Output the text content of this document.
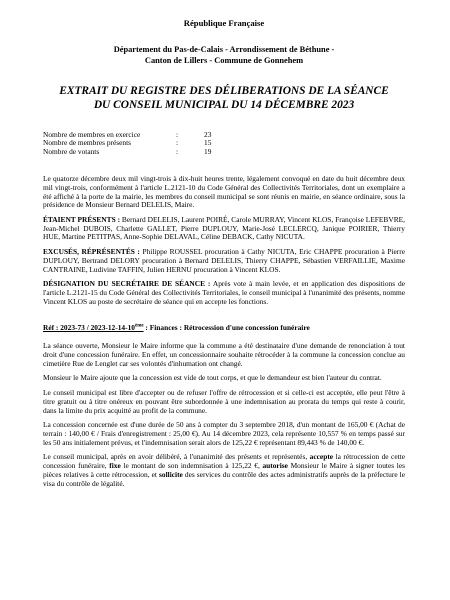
République Française
Département du Pas-de-Calais - Arrondissement de Béthune -
Canton de Lillers - Commune de Gonnehem
EXTRAIT DU REGISTRE DES DÉLIBERATIONS DE LA SÉANCE
DU CONSEIL MUNICIPAL DU 14 DÉCEMBRE 2023
Nombre de membres en exercice	:	23
Nombre de membres présents	:	15
Nombre de votants	:	19

Le quatorze décembre deux mil vingt-trois à dix-huit heures trente, légalement convoqué en date du huit décembre deux mil vingt-trois, conformément à l'article L.2121-10 du Code Général des Collectivités Territoriales, dont un exemplaire a été affiché à la porte de la mairie, les membres du conseil municipal se sont réunis en mairie, en séance ordinaire, sous la présidence de Monsieur Bernard DELELIS, Maire.

ÉTAIENT PRÉSENTS : Bernard DELELIS, Laurent POIRÉ, Carole MURRAY, Vincent KLOS, Françoise LEFEBVRE, Jean-Michel DUBOIS, Charlette GALLET, Pierre DUPLOUY, Marie-José LECLERCQ, Janique POIRIER, Thierry HUE, Martine PETITPAS, Anne-Sophie DELAVAL, Céline DEBACK, Cathy NICUTA.

EXCUSÉS, RÉPRÉSENTÉS : Philippe ROUSSEL procuration à Cathy NICUTA, Eric CHAPPE procuration à Pierre DUPLOUY, Bertrand DELORY procuration à Bernard DELELIS, Thierry CHAPPE, Sébastien VERFAILLIE, Maxime CANTRAINE, Ludivine TAFFIN, Julien HERNU procuration à Vincent KLOS.

DÉSIGNATION DU SECRÉTAIRE DE SÉANCE : Après vote à main levée, et en application des dispositions de l'article L.2121-15 du Code Général des Collectivités Territoriales, le conseil municipal à l'unanimité des présents, nomme Vincent KLOS au poste de secrétaire de séance qui en accepte les fonctions.

Réf : 2023-73 / 2023-12-14-10ème : Finances : Rétrocession d'une concession funéraire

La séance ouverte, Monsieur le Maire informe que la commune a été destinataire d'une demande de renonciation à tout droit d'une concession funéraire. En effet, un concessionnaire souhaite rétrocéder à la commune la concession conclue au cimetière Rue de Lenglet car ses volontés d'inhumation ont changé.

Monsieur le Maire ajoute que la concession est vide de tout corps, et que le demandeur est bien l'auteur du contrat.

Le conseil municipal est libre d'accepter ou de refuser l'offre de rétrocession et si celle-ci est acceptée, elle peut l'être à titre gratuit ou à titre onéreux en pouvant être subordonnée à une indemnisation au prorata du temps qui reste à courir, dans la limite du prix acquitté au profit de la commune.

La concession concernée est d'une durée de 50 ans à compter du 3 septembre 2018, d'un montant de 165,00 € (Achat de terrain : 140,00 € / Frais d'enregistrement : 25,00 €). Au 14 décembre 2023, cela représente 10,557 % en temps passé sur les 50 ans initialement prévus, et l'indemnisation serait alors de 125,22 € représentant 89,443 % de 140,00 €.

Le conseil municipal, après en avoir délibéré, à l'unanimité des présents et représentés, accepte la rétrocession de cette concession funéraire, fixe le montant de son indemnisation à 125,22 €, autorise Monsieur le Maire à signer toutes les pièces relatives à cette rétrocession, et sollicite des services du contrôle des actes administratifs auprès de la préfecture le visa du contrôle de légalité.
